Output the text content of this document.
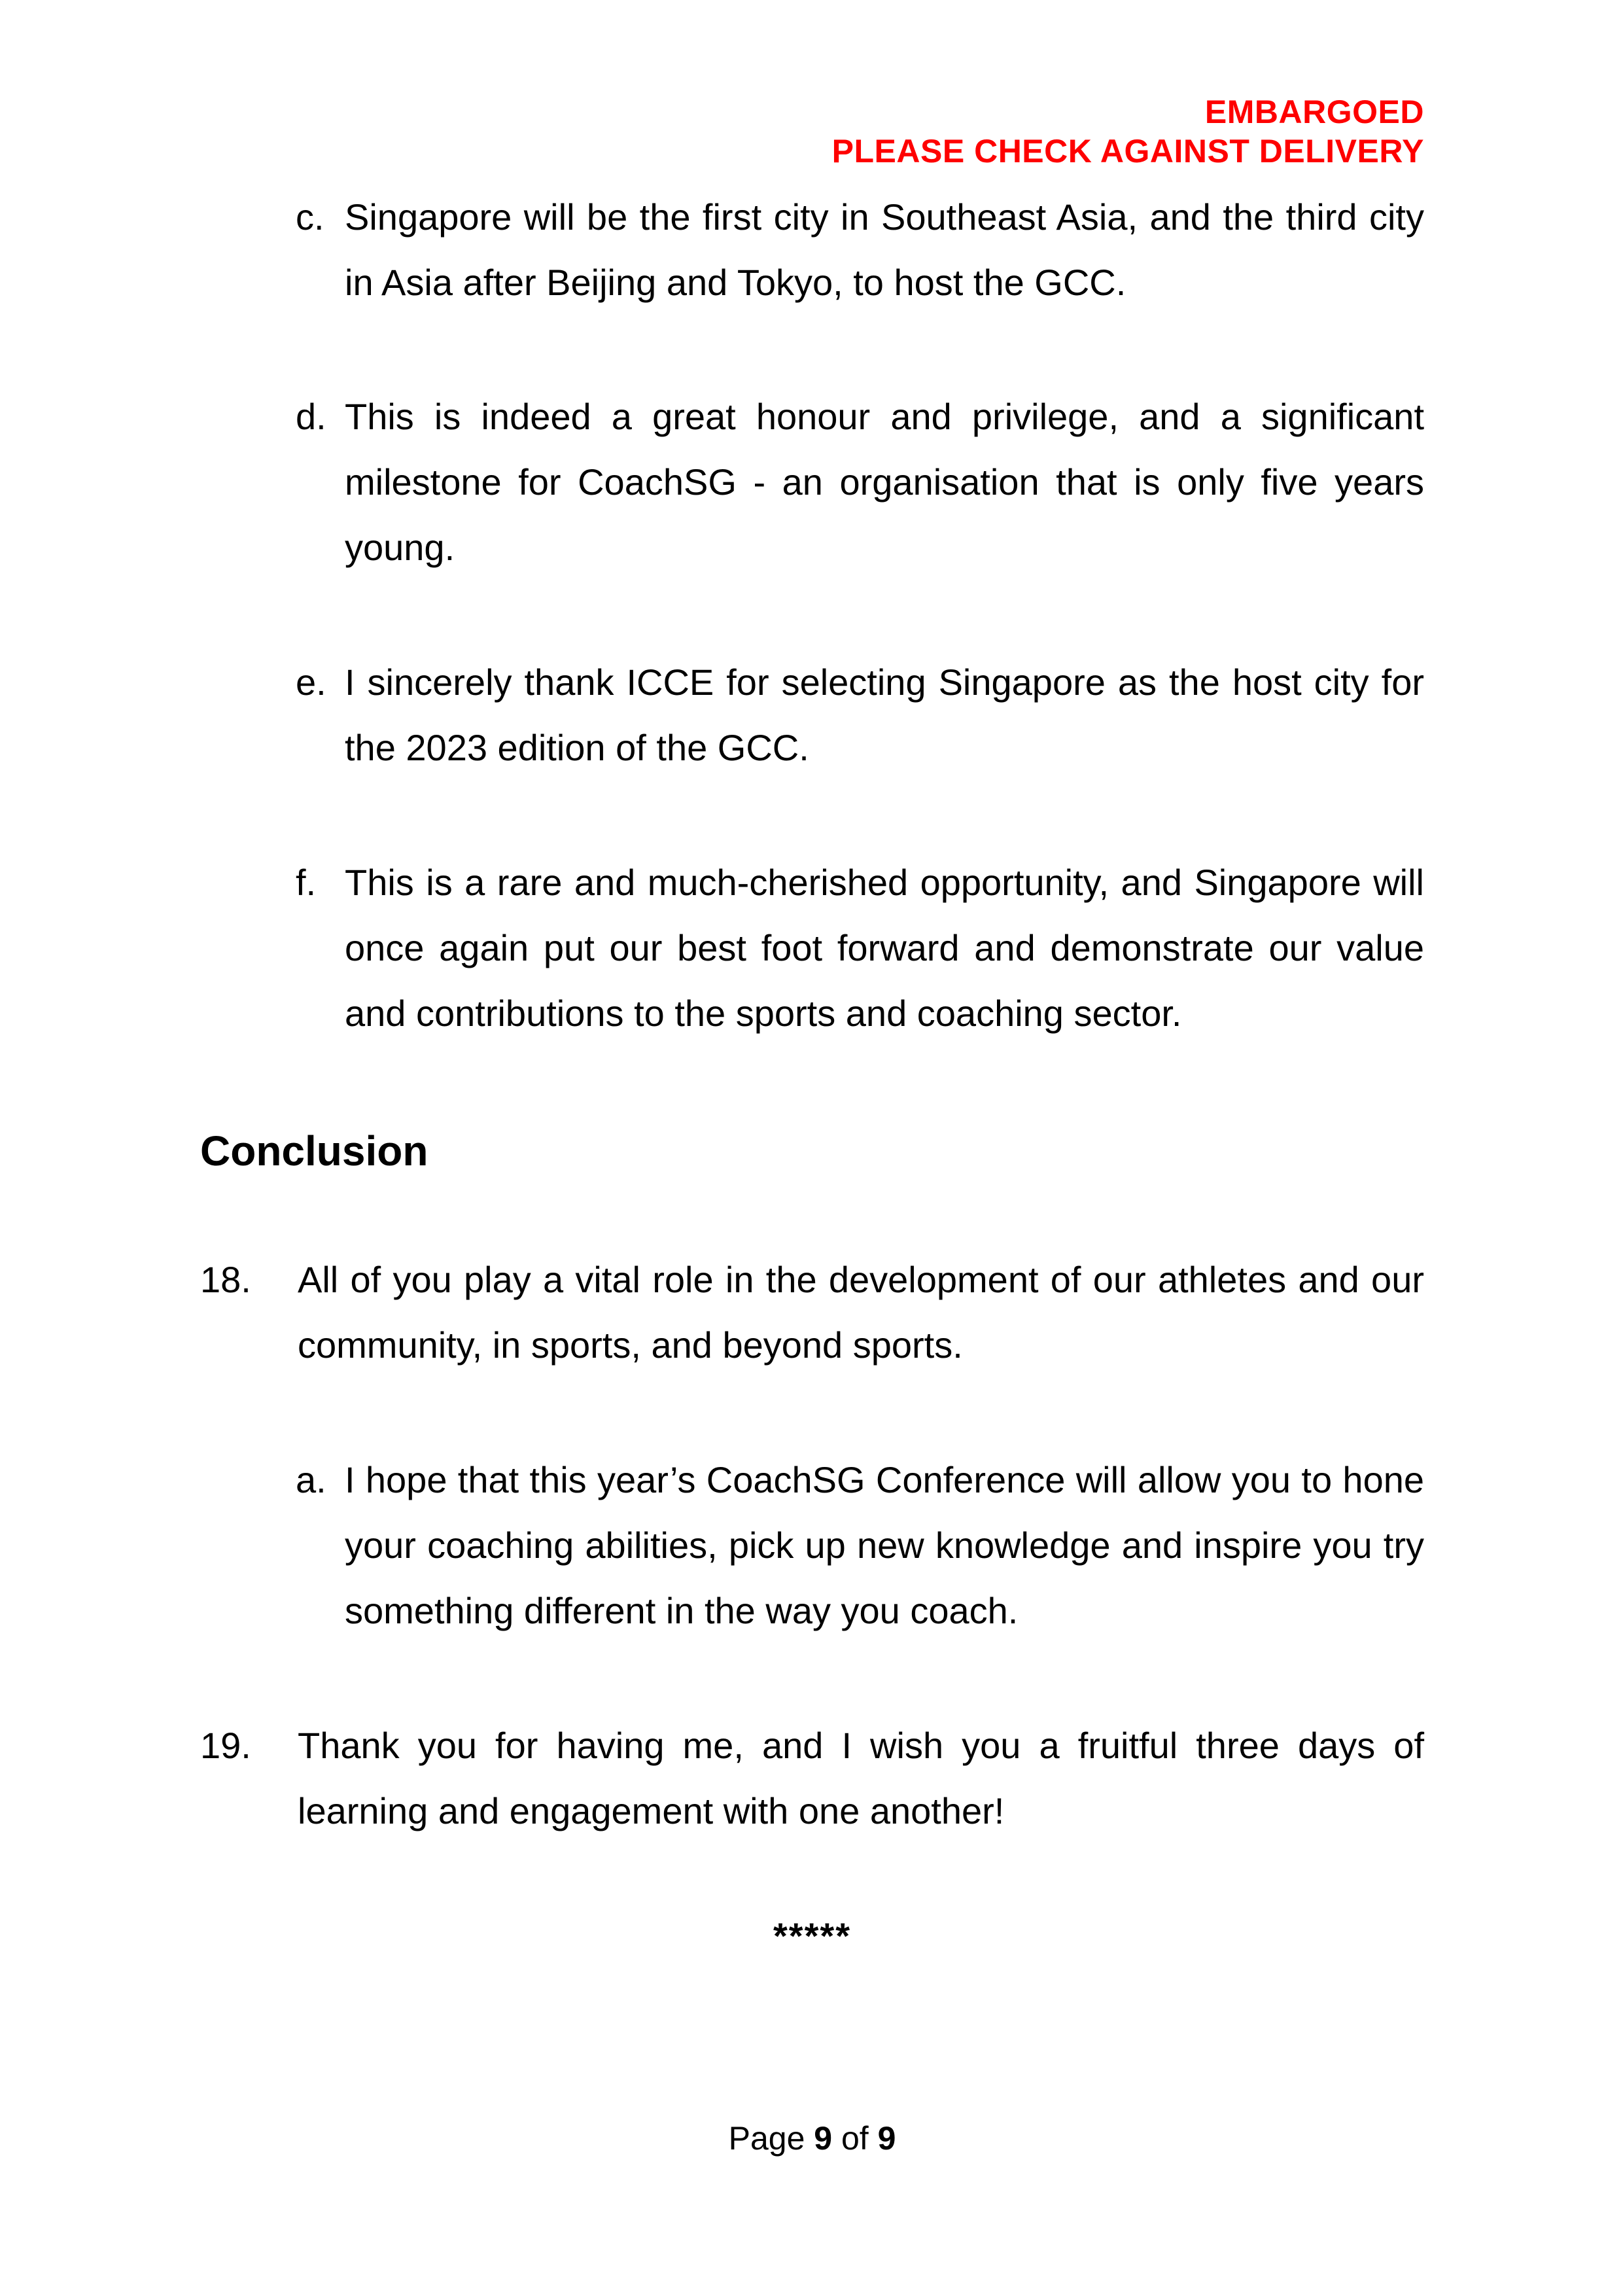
EMBARGOED
PLEASE CHECK AGAINST DELIVERY
c. Singapore will be the first city in Southeast Asia, and the third city in Asia after Beijing and Tokyo, to host the GCC.
d. This is indeed a great honour and privilege, and a significant milestone for CoachSG - an organisation that is only five years young.
e. I sincerely thank ICCE for selecting Singapore as the host city for the 2023 edition of the GCC.
f. This is a rare and much-cherished opportunity, and Singapore will once again put our best foot forward and demonstrate our value and contributions to the sports and coaching sector.
Conclusion
18.	All of you play a vital role in the development of our athletes and our community, in sports, and beyond sports.
a. I hope that this year’s CoachSG Conference will allow you to hone your coaching abilities, pick up new knowledge and inspire you try something different in the way you coach.
19.	Thank you for having me, and I wish you a fruitful three days of learning and engagement with one another!
*****
Page 9 of 9
